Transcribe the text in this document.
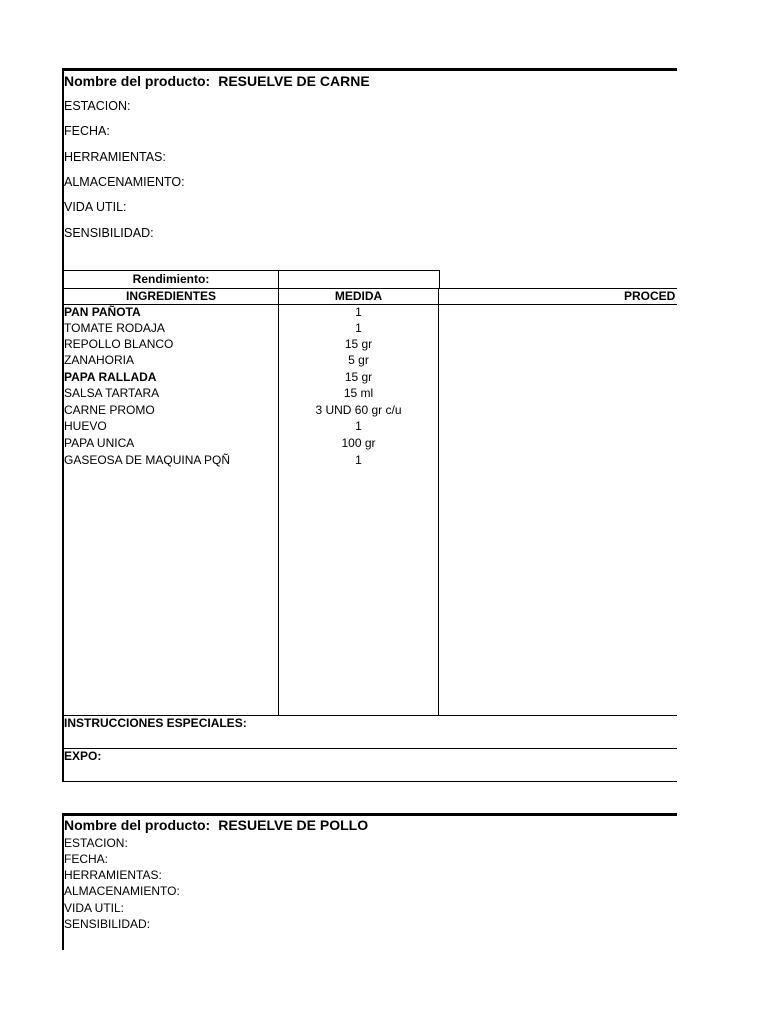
Nombre del producto: RESUELVE DE CARNE
ESTACION:
FECHA:
HERRAMIENTAS:
ALMACENAMIENTO:
VIDA UTIL:
SENSIBILIDAD:
Rendimiento:
INGREDIENTES	MEDIDA	PROCED
PAN PAÑOTA	1
TOMATE RODAJA	1
REPOLLO BLANCO	15 gr
ZANAHORIA	5 gr
PAPA RALLADA	15 gr
SALSA TARTARA	15 ml
CARNE PROMO	3 UND 60 gr c/u
HUEVO	1
PAPA UNICA	100 gr
GASEOSA DE MAQUINA PQÑ	1
INSTRUCCIONES ESPECIALES:
EXPO:
Nombre del producto: RESUELVE DE POLLO
ESTACION:
FECHA:
HERRAMIENTAS:
ALMACENAMIENTO:
VIDA UTIL:
SENSIBILIDAD:
